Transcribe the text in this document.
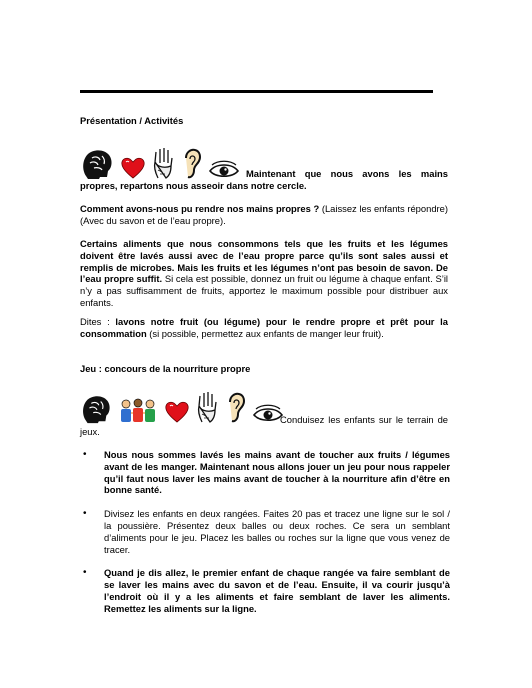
Présentation / Activités

Maintenant que nous avons les mains propres, repartons nous asseoir dans notre cercle.

Comment avons-nous pu rendre nos mains propres ? (Laissez les enfants répondre) (Avec du savon et de l’eau propre).

Certains aliments que nous consommons tels que les fruits et les légumes doivent être lavés aussi avec de l’eau propre parce qu’ils sont sales aussi et remplis de microbes. Mais les fruits et les légumes n’ont pas besoin de savon. De l’eau propre suffit. Si cela est possible, donnez un fruit ou légume à chaque enfant. S’il n’y a pas suffisamment de fruits, apportez le maximum possible pour distribuer aux enfants.

Dites : lavons notre fruit (ou légume) pour le rendre propre et prêt pour la consommation (si possible, permettez aux enfants de manger leur fruit).

Jeu : concours de la nourriture propre

Conduisez les enfants sur le terrain de jeux.

• Nous nous sommes lavés les mains avant de toucher aux fruits / légumes avant de les manger. Maintenant nous allons jouer un jeu pour nous rappeler qu’il faut nous laver les mains avant de toucher à la nourriture afin d’être en bonne santé.
• Divisez les enfants en deux rangées. Faites 20 pas et tracez une ligne sur le sol / la poussière. Présentez deux balles ou deux roches. Ce sera un semblant d’aliments pour le jeu. Placez les balles ou roches sur la ligne que vous venez de tracer.
• Quand je dis allez, le premier enfant de chaque rangée va faire semblant de se laver les mains avec du savon et de l’eau. Ensuite, il va courir jusqu’à l’endroit où il y a les aliments et faire semblant de laver les aliments. Remettez les aliments sur la ligne.
